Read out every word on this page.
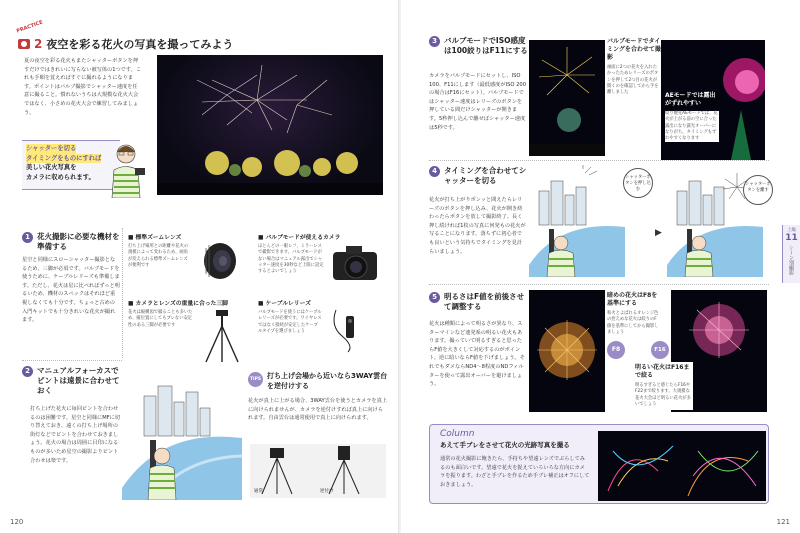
PRACTICE
2 夜空を彩る花火の写真を撮ってみよう
夏の夜空を彩る花火もまたシャッターボタンを押すだけではきれいに写らない被写体の1つです。これも手順を覚えればすぐに撮れるようになります。ポイントはバルブ撮影でシャッター速度を任意に撮ること。慣れないうちは大規模な花火大会ではなく、小さめの花火大会で練習してみましょう。
シャッターを切る
タイミングをものにすれば
美しい花火写真を
カメラに収められます。
1 花火撮影に必要な機材を準備する
星空と同様にスローシャッター撮影となるため、三脚が必須です。バルブモードを使うために、ケーブルレリーズも準備します。ただし、花火は星に比べればずっと明るいため、機材のスペックはそれほど重視しなくても十分です。ちょっと古めの入門キットでも十分きれいな花火が撮れます。
■ 標準ズームレンズ
打ち上げ場所との距離や花火の規模によって変わるため、画角が変えられる標準ズームレンズが便利です
■ バルブモードが使えるカメラ
ほとんどの一眼レフ、ミラーレスで撮影できます。バルブモードがない場合はマニュアル露出でシャッター速度を30秒など上限に設定するとよいでしょう
■ カメラとレンズの重量に合った三脚
花火は縦構図で撮ることも多いため、縦位置にしてもブレない安定性のある三脚が必要です
■ ケーブルレリーズ
バルブモードを使うにはケーブルレリーズが必要です。ワイヤレスではなく接続が安定したケーブルタイプを選びましょう
2 マニュアルフォーカスでピントは遠景に合わせておく
打ち上げた花火に毎回ピントを合わせるのは困難です。星空と同様にMFに切り替えておき、遠くの打ち上げ場所の街灯などでピントを合わせておきましょう。花火の場合は周囲に目印になるものが多いため星空の撮影よりピント合わせは楽です。
TIPS 打ち上げ会場から近いなら3WAY雲台を逆付けする
花火が真上に上がる場合、3WAY雲台を使うとカメラを真上に向けられませんが、カメラを逆付けすれば真上に向けられます。自由雲台は通常使用で真上に向けられます。
通常	逆付け
120
3 バルブモードでISO感度は100絞りはF11にする
カメラをバルブモードにセットし、ISO 100、F11にします（最低感度がISO 200の場合はF16にセット）。バルブモードではシャッター速度はレリーズのボタンを押している間だけシャッターが開きます。5秒押し込んで離せばシャッター速度は5秒です。
バルブモードでタイミングを合わせて撮影
画面に2つの花火を入れたかったためレリーズのボタンを押して2つ目の花火が開くのを確認してから手を離しました	AEモードでは露出がずれやすい
絞り優先AEモードでは、花火が上がる前の空に合った露出になり露光オーバーになりがち。タイミングもずれやすくなります
4 タイミングを合わせてシャッターを切る
花火が打ち上がりポンッと間えたらレリーズのボタンを押し込み、花火が開き終わったらボタンを放して撮影終了。長く押し続ければ1枚の写真に何発もの花火が写ることになります。落ちずに初心者でも良いという気持ちでタイミングを見計らいましょう。
シャッターボタンを押し込む
▶
シャッターボタンを離す
5 明るさはF値を前後させて調整する
花火は種類によって明るさが異なり、スターマインなど連発系の明るい花火もあります。撮っていて明るすぎると思ったらF値を大きくして対応するのがポイント。逆に暗いならF値を下げましょう。それでもダメならND4〜8程度のNDフィルターを使って露出オーバーを避けましょう。
暗めの花火はF8を基準にする
和火とよばれるオレンジ色の控えめな花火は絞りのF値を基準にしてから撮影しましょう
F8	F16
明るい花火はF16まで絞る
明るすぎると感じたらF16やF22まで絞ります。大規模な花火大会ほど明るい花火が多いでしょう
Column
あえて手ブレをさせて花火の光跡写真を撮る
通常の花火撮影に飽きたら、手持ちや望遠レンズでぶらしてみるのも面白いです。望遠で花火を捉えていろいろな方向にカメラを振ります。わざと手ブレを作るため手ブレ補正はオフにしておきましょう。
上級
11
シーン別撮影
121
